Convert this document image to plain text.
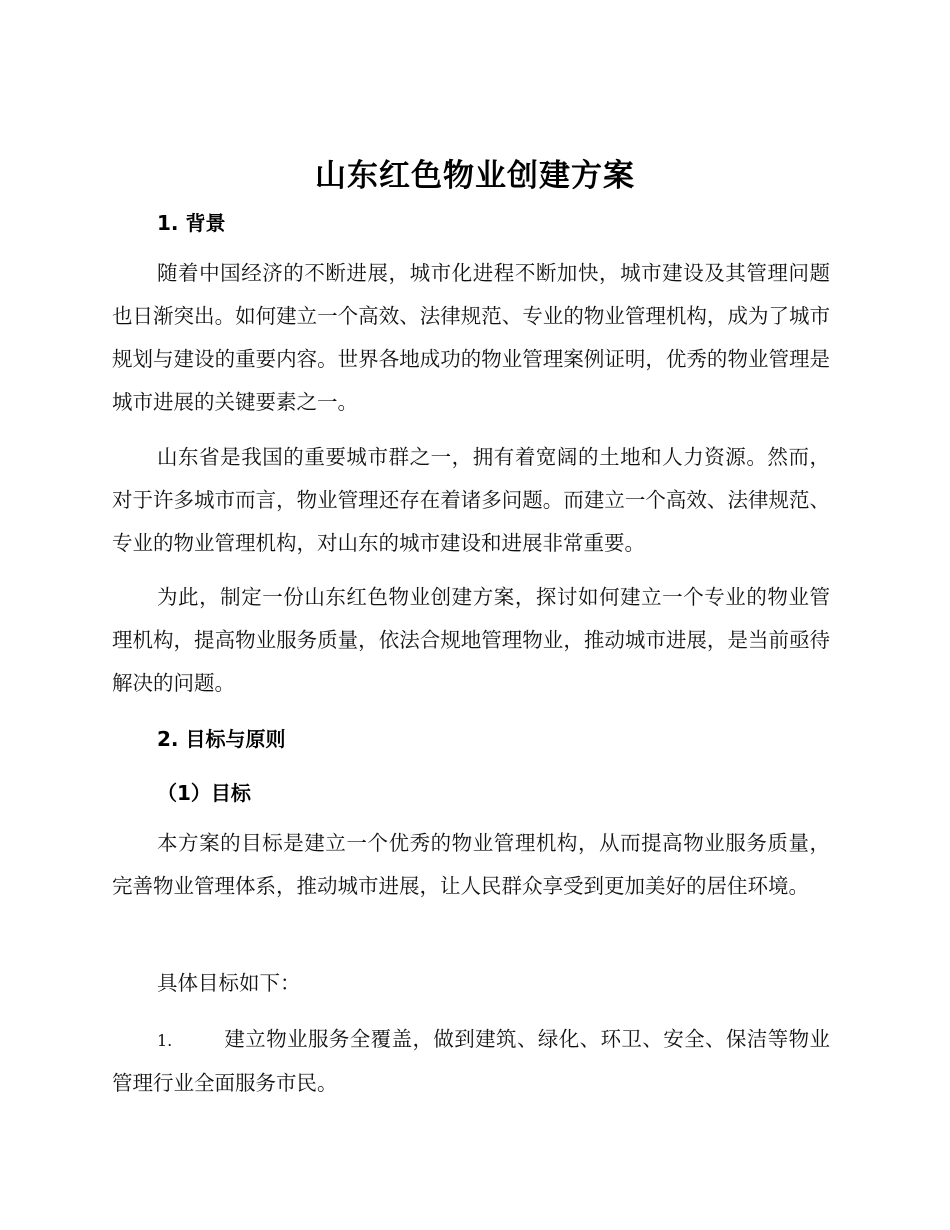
山东红色物业创建方案
1. 背景

随着中国经济的不断进展，城市化进程不断加快，城市建设及其管理问题也日渐突出。如何建立一个高效、法律规范、专业的物业管理机构，成为了城市规划与建设的重要内容。世界各地成功的物业管理案例证明，优秀的物业管理是城市进展的关键要素之一。

山东省是我国的重要城市群之一，拥有着宽阔的土地和人力资源。然而，对于许多城市而言，物业管理还存在着诸多问题。而建立一个高效、法律规范、专业的物业管理机构，对山东的城市建设和进展非常重要。

为此，制定一份山东红色物业创建方案，探讨如何建立一个专业的物业管理机构，提高物业服务质量，依法合规地管理物业，推动城市进展，是当前亟待解决的问题。

2. 目标与原则
（1）目标

本方案的目标是建立一个优秀的物业管理机构，从而提高物业服务质量，完善物业管理体系，推动城市进展，让人民群众享受到更加美好的居住环境。

具体目标如下：

1.	建立物业服务全覆盖，做到建筑、绿化、环卫、安全、保洁等物业管理行业全面服务市民。
